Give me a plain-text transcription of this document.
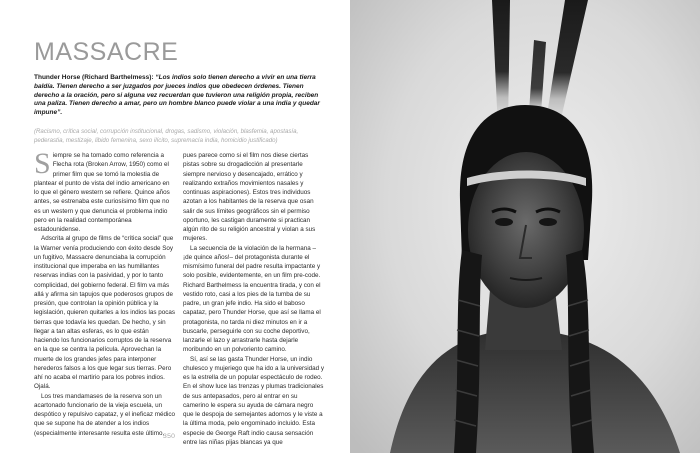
MASSACRE
Thunder Horse (Richard Barthelmess): “Los indios solo tienen derecho a vivir en una tierra baldía. Tienen derecho a ser juzgados por jueces indios que obedecen órdenes. Tienen derecho a la oración, pero si alguna vez recuerdan que tuvieron una religión propia, reciben una paliza. Tienen derecho a amar, pero un hombre blanco puede violar a una india y quedar impune”.
(Racismo, crítica social, corrupción institucional, drogas, sadismo, violación, blasfemia, apostasía, pederastia, mestizaje, libido femenina, sexo ilícito, supremacía india, homicidio justificado)

Siempre se ha tomado como referencia a Flecha rota (Broken Arrow, 1950) como el primer film que se tomó la molestia de plantear el punto de vista del indio americano en lo que el género western se refiere. Quince años antes, se estrenaba este curiosísimo film que no es un western y que denuncia el problema indio pero en la realidad contemporánea estadounidense.

Adscrita al grupo de films de “crítica social” que la Warner venía produciendo con éxito desde Soy un fugitivo, Massacre denunciaba la corrupción institucional que imperaba en las humillantes reservas indias con la pasividad, y por lo tanto complicidad, del gobierno federal. El film va más allá y afirma sin tapujos que poderosos grupos de presión, que controlan la opinión pública y la legislación, quieren quitarles a los indios las pocas tierras que todavía les quedan. De hecho, y sin llegar a tan altas esferas, es lo que están haciendo los funcionarios corruptos de la reserva en la que se centra la película. Aprovechan la muerte de los grandes jefes para interponer herederos falsos a los que legar sus tierras. Pero ahí no acaba el martirio para los pobres indios. Ojalá.

Los tres mandamases de la reserva son un acartonado funcionario de la vieja escuela, un despótico y repulsivo capataz, y el ineficaz médico que se supone ha de atender a los indios (especialmente interesante resulta este último,

pues parece como si el film nos diese ciertas pistas sobre su drogadicción al presentarle siempre nervioso y desencajado, errático y realizando extraños movimientos nasales y continuas aspiraciones). Estos tres individuos azotan a los habitantes de la reserva que osan salir de sus límites geográficos sin el permiso oportuno, les castigan duramente si practican algún rito de su religión ancestral y violan a sus mujeres.

La secuencia de la violación de la hermana –¡de quince años!– del protagonista durante el mismísimo funeral del padre resulta impactante y solo posible, evidentemente, en un film pre-code. Richard Barthelmess la encuentra tirada, y con el vestido roto, casi a los pies de la tumba de su padre, un gran jefe indio. Ha sido el baboso capataz, pero Thunder Horse, que así se llama el protagonista, no tarda ni diez minutos en ir a buscarle, perseguirle con su coche deportivo, lanzarle el lazo y arrastrarle hasta dejarle moribundo en un polvoriento camino.

Sí, así se las gasta Thunder Horse, un indio chulesco y mujeriego que ha ido a la universidad y es la estrella de un popular espectáculo de rodeo. En el show luce las trenzas y plumas tradicionales de sus antepasados, pero al entrar en su camerino le espera su ayuda de cámara negro que le despoja de semejantes adornos y le viste a la última moda, pelo engominado incluido. Esta especie de George Raft indio causa sensación entre las niñas pijas blancas ya que

350
